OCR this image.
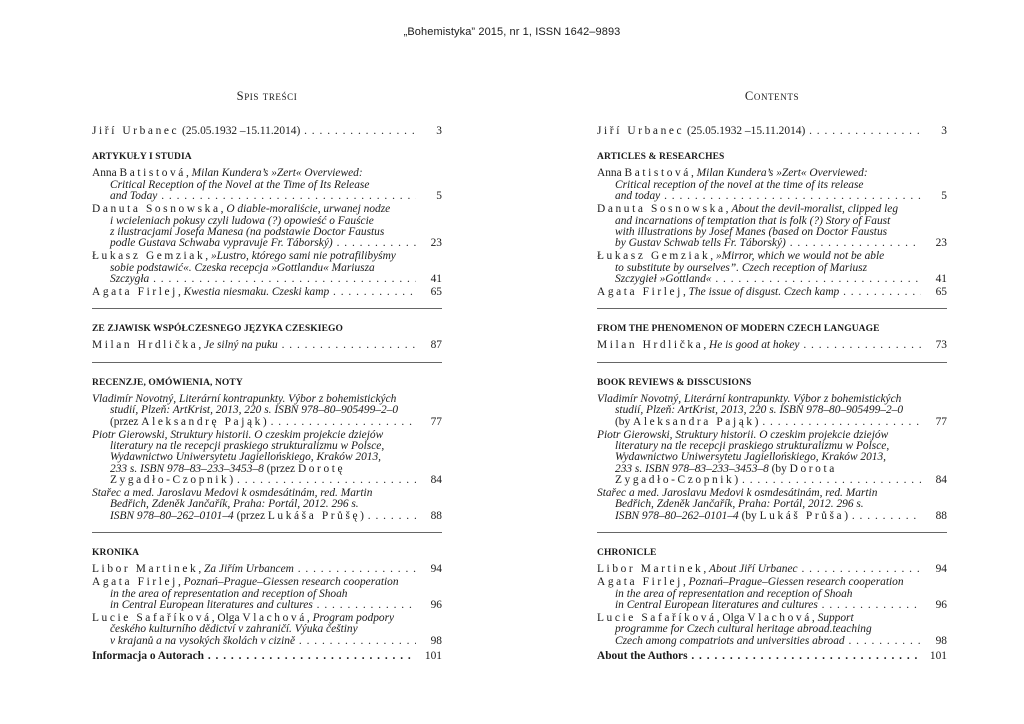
„Bohemistyka” 2015, nr 1, ISSN 1642–9893
Spis treści
Jiří Urbanec (25.05.1932 –15.11.2014) . . .	3
ARTYKUŁY I STUDIA
Anna Batistová, Milan Kundera’s »Žert« Overviewed:
Critical Reception of the Novel at the Time of Its Release
and Today . . .	5
Danuta Sosnowska, O diable-moraliście, urwanej nodze
i wcieleniach pokusy czyli ludowa (?) opowieść o Fauście
z ilustracjami Josefa Manesa (na podstawie Doctor Faustus
podle Gustava Schwaba vypravuje Fr. Táborský) . . .	23
Łukasz Gemziak, »Lustro, którego sami nie potrafilibyśmy
sobie podstawić«. Czeska recepcja »Gottlandu« Mariusza
Szczygła . . .	41
Agata Firlej, Kwestia niesmaku. Czeski kamp . . .	65
ZE ZJAWISK WSPÓŁCZESNEGO JĘZYKA CZESKIEGO
Milan Hrdlička, Je silný na puku . . .	87
RECENZJE, OMÓWIENIA, NOTY
Vladimír Novotný, Literární kontrapunkty. Výbor z bohemistických
studií, Plzeň: ArtKrist, 2013, 220 s. ISBN 978–80–905499–2–0
(przez Aleksandrę Pająk) . . .	77
Piotr Gierowski, Struktury historii. O czeskim projekcie dziejów
literatury na tle recepcji praskiego strukturalizmu w Polsce,
Wydawnictwo Uniwersytetu Jagiellońskiego, Kraków 2013,
233 s. ISBN 978–83–233–3453–8 (przez Dorotę
Żygadło-Czopnik) . . .	84
Stařec a med. Jaroslavu Medovi k osmdesátinám, red. Martin
Bedřich, Zdeněk Jančařík, Praha: Portál, 2012. 296 s.
ISBN 978–80–262–0101–4 (przez Lukáša Průšę) . . .	88
KRONIKA
Libor Martinek, Za Jiřím Urbancem . . .	94
Agata Firlej, Poznań–Prague–Giessen research cooperation
in the area of representation and reception of Shoah
in Central European literatures and cultures . . .	96
Lucie Šafaříková, Olga Vlachová, Program podpory
českého kulturního dědictví v zahraničí. Výuka češtiny
v krajanů a na vysokých školách v cizině . . .	98
Informacja o Autorach . . .	101
Contents
Jiří Urbanec (25.05.1932 –15.11.2014) . . .	3
ARTICLES & RESEARCHES
Anna Batistová, Milan Kundera’s »Žert« Overviewed:
Critical reception of the novel at the time of its release
and today . . .	5
Danuta Sosnowska, About the devil-moralist, clipped leg
and incarnations of temptation that is folk (?) Story of Faust
with illustrations by Josef Manes (based on Doctor Faustus
by Gustav Schwab tells Fr. Táborský) . . .	23
Łukasz Gemziak, »Mirror, which we would not be able
to substitute by ourselves”. Czech reception of Mariusz
Szczygieł »Gottland« . . .	41
Agata Firlej, The issue of disgust. Czech kamp . . .	65
FROM THE PHENOMENON OF MODERN CZECH LANGUAGE
Milan Hrdlička, He is good at hokey . . .	73
BOOK REVIEWS & DISSCUSIONS
Vladimír Novotný, Literární kontrapunkty. Výbor z bohemistických
studií, Plzeň: ArtKrist, 2013, 220 s. ISBN 978–80–905499–2–0
(by Aleksandra Pająk) . . .	77
Piotr Gierowski, Struktury historii. O czeskim projekcie dziejów
literatury na tle recepcji praskiego strukturalizmu w Polsce,
Wydawnictwo Uniwersytetu Jagiellońskiego, Kraków 2013,
233 s. ISBN 978–83–233–3453–8 (by Dorota
Żygadło-Czopnik) . . .	84
Stařec a med. Jaroslavu Medovi k osmdesátinám, red. Martin
Bedřich, Zdeněk Jančařík, Praha: Portál, 2012. 296 s.
ISBN 978–80–262–0101–4 (by Lukáš Průša) . . .	88
CHRONICLE
Libor Martinek, About Jiří Urbanec . . .	94
Agata Firlej, Poznań–Prague–Giessen research cooperation
in the area of representation and reception of Shoah
in Central European literatures and cultures . . .	96
Lucie Šafaříková, Olga Vlachová, Support
programme for Czech cultural heritage abroad.teaching
Czech among compatriots and universities abroad . . .	98
About the Authors . . .	101
